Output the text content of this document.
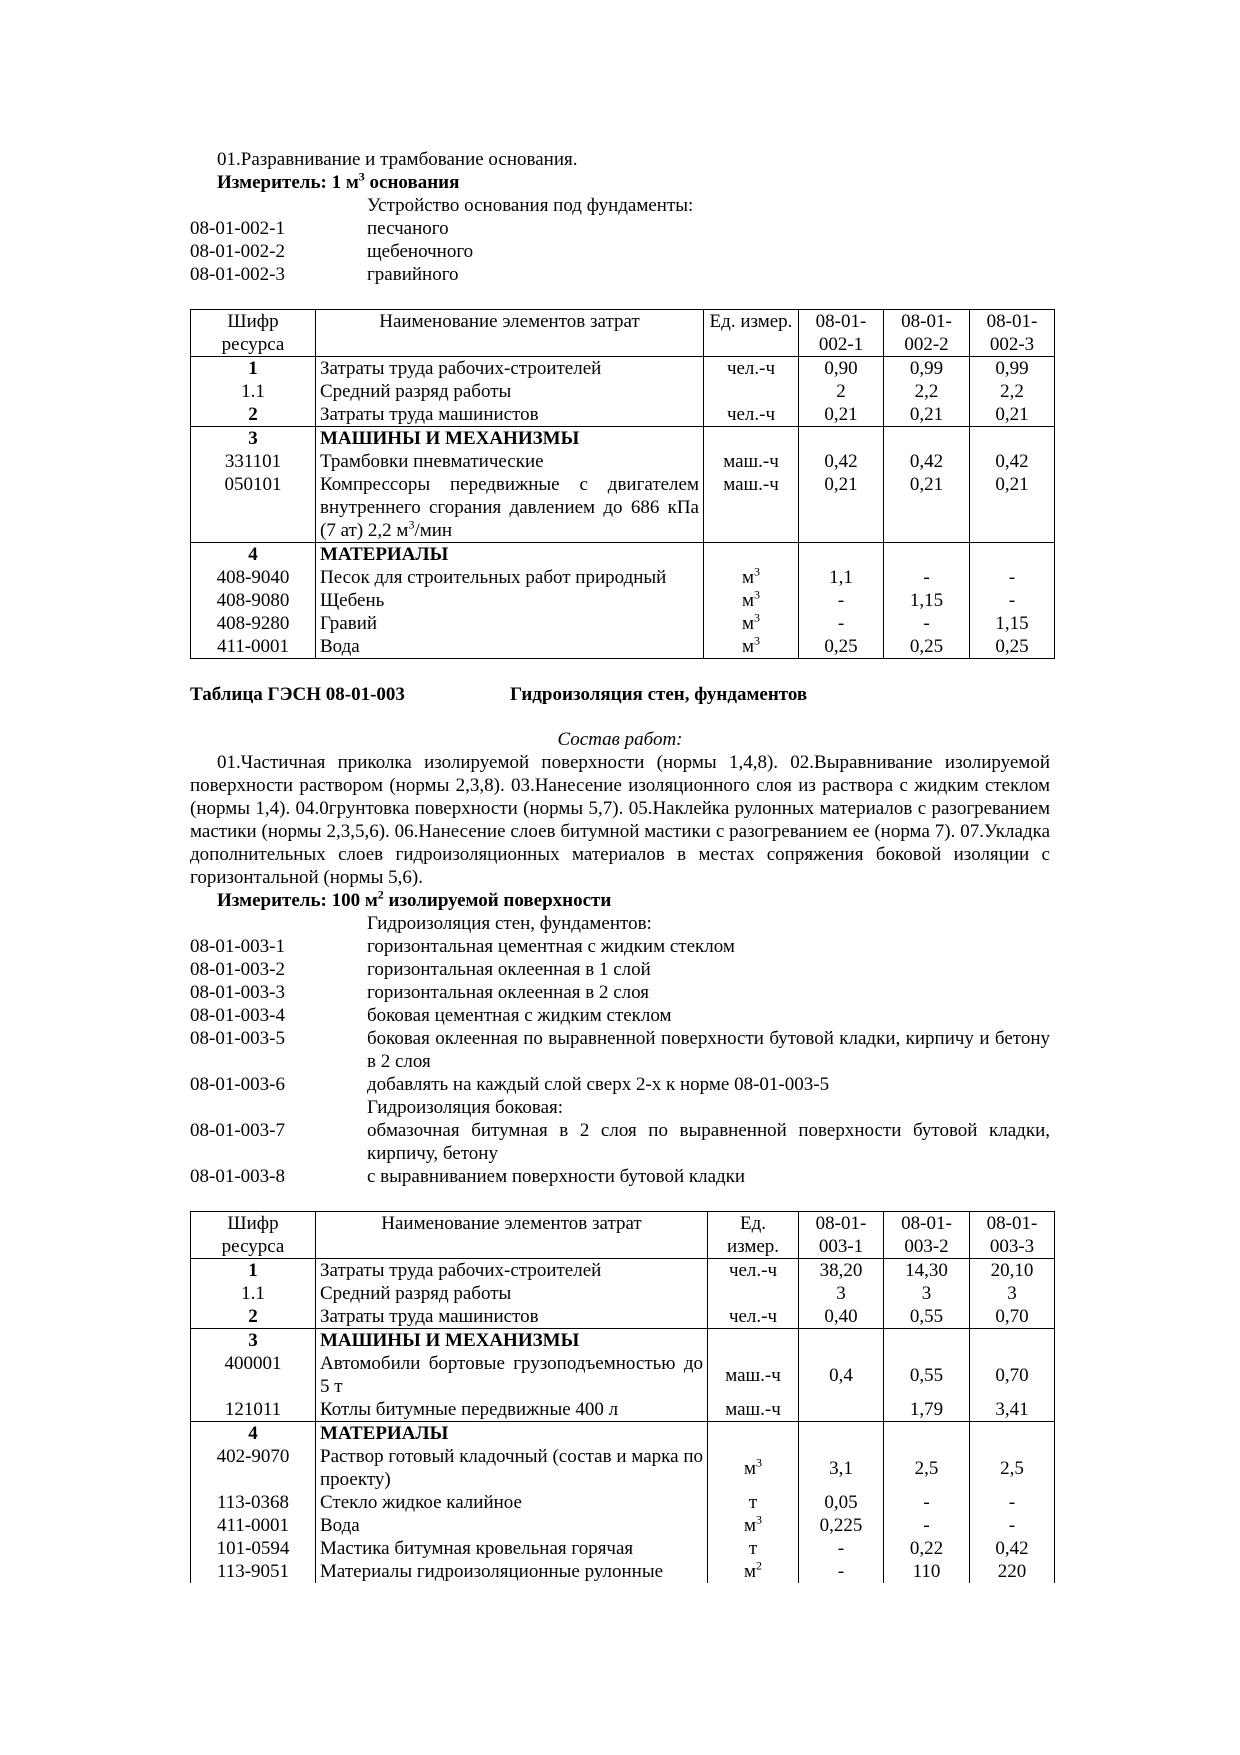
01.Разравнивание и трамбование основания.
Измеритель: 1 $м^3$ основания
Устройство основания под фундаменты:
08-01-002-1	песчаного
08-01-002-2	щебеночного
08-01-002-3	гравийного
Шифр ресурса	Наименование элементов затрат	Ед. измер.	08-01-002-1	08-01-002-2	08-01-002-3
1	Затраты труда рабочих-строителей	чел.-ч	0,90	0,99	0,99
1.1	Средний разряд работы		2	2,2	2,2
2	Затраты труда машинистов	чел.-ч	0,21	0,21	0,21
3	МАШИНЫ И МЕХАНИЗМЫ				
331101	Трамбовки пневматические	маш.-ч	0,42	0,42	0,42
050101	Компрессоры передвижные с двигателем внутреннего сгорания давлением до 686 кПа (7 ат) 2,2 $м^3$/мин	маш.-ч	0,21	0,21	0,21
4	МАТЕРИАЛЫ				
408-9040	Песок для строительных работ природный	$м^3$	1,1	-	-
408-9080	Щебень	$м^3$	-	1,15	-
408-9280	Гравий	$м^3$	-	-	1,15
411-0001	Вода	$м^3$	0,25	0,25	0,25
Таблица ГЭСН 08-01-003	Гидроизоляция стен, фундаментов
Состав работ:
01.Частичная приколка изолируемой поверхности (нормы 1,4,8). 02.Выравнивание изолируемой поверхности раствором (нормы 2,3,8). 03.Нанесение изоляционного слоя из раствора с жидким стеклом (нормы 1,4). 04.0грунтовка поверхности (нормы 5,7). 05.Наклейка рулонных материалов с разогреванием мастики (нормы 2,3,5,6). 06.Нанесение слоев битумной мастики с разогреванием ее (норма 7). 07.Укладка дополнительных слоев гидроизоляционных материалов в местах сопряжения боковой изоляции с горизонтальной (нормы 5,6).
Измеритель: 100 $м^2$ изолируемой поверхности
Гидроизоляция стен, фундаментов:
08-01-003-1	горизонтальная цементная с жидким стеклом
08-01-003-2	горизонтальная оклеенная в 1 слой
08-01-003-3	горизонтальная оклеенная в 2 слоя
08-01-003-4	боковая цементная с жидким стеклом
08-01-003-5	боковая оклеенная по выравненной поверхности бутовой кладки, кирпичу и бетону в 2 слоя
08-01-003-6	добавлять на каждый слой сверх 2-х к норме 08-01-003-5
Гидроизоляция боковая:
08-01-003-7	обмазочная битумная в 2 слоя по выравненной поверхности бутовой кладки, кирпичу, бетону
08-01-003-8	с выравниванием поверхности бутовой кладки
Шифр ресурса	Наименование элементов затрат	Ед. измер.	08-01-003-1	08-01-003-2	08-01-003-3
1	Затраты труда рабочих-строителей	чел.-ч	38,20	14,30	20,10
1.1	Средний разряд работы		3	3	3
2	Затраты труда машинистов	чел.-ч	0,40	0,55	0,70
3	МАШИНЫ И МЕХАНИЗМЫ				
400001	Автомобили бортовые грузоподъемностью до 5 т	маш.-ч	0,4	0,55	0,70
121011	Котлы битумные передвижные 400 л	маш.-ч		1,79	3,41
4	МАТЕРИАЛЫ				
402-9070	Раствор готовый кладочный (состав и марка по проекту)	$м^3$	3,1	2,5	2,5
113-0368	Стекло жидкое калийное	т	0,05	-	-
411-0001	Вода	$м^3$	0,225	-	-
101-0594	Мастика битумная кровельная горячая	т	-	0,22	0,42
113-9051	Материалы гидроизоляционные рулонные	$м^2$	-	110	220
